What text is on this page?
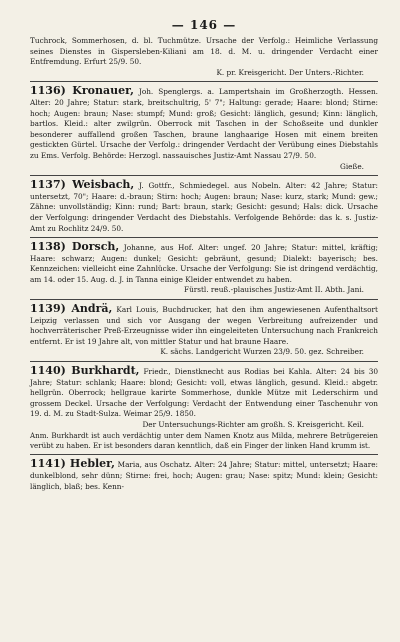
— 146 —

Tuchrock, Sommerhosen, d. bl. Tuchmütze. Ursache der Verfolg.: Heimliche Verlassung seines Dienstes in Gispersleben-Kiliani am 18. d. M. u. dringender Verdacht einer Entfremdung. Erfurt 25/9. 50.

K. pr. Kreisgericht. Der Unters.-Richter.

1136) Kronauer, Joh. Spenglergs. a. Lampertshain im Großherzogth. Hessen. Alter: 20 Jahre; Statur: stark, breitschultrig, 5' 7"; Haltung: gerade; Haare: blond; Stirne: hoch; Augen: braun; Nase: stumpf; Mund: groß; Gesicht: länglich, gesund; Kinn: länglich, bartlos. Kleid.: alter zwilgrün. Oberrock mit Taschen in der Schoßseite und dunkler besonderer auffallend großen Taschen, braune langhaarige Hosen mit einem breiten gestickten Gürtel. Ursache der Verfolg.: dringender Verdacht der Verübung eines Diebstahls zu Ems. Verfolg. Behörde: Herzogl. nassauisches Justiz-Amt Nassau 27/9. 50.

Gieße.

1137) Weisbach, J. Gottfr., Schmiedegel. aus Nobeln. Alter: 42 Jahre; Statur: untersetzt, 70"; Haare: d.-braun; Stirn: hoch; Augen: braun; Nase: kurz, stark; Mund: gew.; Zähne: unvollständig; Kinn: rund; Bart: braun, stark; Gesicht: gesund; Hals: dick. Ursache der Verfolgung: dringender Verdacht des Diebstahls. Verfolgende Behörde: das k. s. Justiz-Amt zu Rochlitz 24/9. 50.

1138) Dorsch, Johanne, aus Hof. Alter: ungef. 20 Jahre; Statur: mittel, kräftig; Haare: schwarz; Augen: dunkel; Gesicht: gebräunt, gesund; Dialekt: bayerisch; bes. Kennzeichen: vielleicht eine Zahnlücke. Ursache der Verfolgung: Sie ist dringend verdächtig, am 14. oder 15. Aug. d. J. in Tanna einige Kleider entwendet zu haben.

Fürstl. reuß.-plauisches Justiz-Amt II. Abth. Jani.

1139) Andrä, Karl Louis, Buchdrucker, hat den ihm angewiesenen Aufenthaltsort Leipzig verlassen und sich vor Ausgang der wegen Verbreitung aufreizender und hochverräterischer Preß-Erzeugnisse wider ihn eingeleiteten Untersuchung nach Frankreich entfernt. Er ist 19 Jahre alt, von mittler Statur und hat braune Haare.

K. sächs. Landgericht Wurzen 23/9. 50. gez. Schreiber.

1140) Burkhardt, Friedr., Dienstknecht aus Rodias bei Kahla. Alter: 24 bis 30 Jahre; Statur: schlank; Haare: blond; Gesicht: voll, etwas länglich, gesund. Kleid.: abgetr. hellgrün. Oberrock; hellgraue karirte Sommerhose, dunkle Mütze mit Lederschirm und grossem Deckel. Ursache der Verfolgung: Verdacht der Entwendung einer Taschenuhr von 19. d. M. zu Stadt-Sulza. Weimar 25/9. 1850.

Der Untersuchungs-Richter am großh. S. Kreisgericht. Keil.

Anm. Burkhardt ist auch verdächtig unter dem Namen Knotz aus Milda, mehrere Betrügereien verübt zu haben. Er ist besonders daran kenntlich, daß ein Finger der linken Hand krumm ist.

1141) Hebler, Maria, aus Oschatz. Alter: 24 Jahre; Statur: mittel, untersetzt; Haare: dunkelblond, sehr dünn; Stirne: frei, hoch; Augen: grau; Nase: spitz; Mund: klein; Gesicht: länglich, blaß; bes. Kenn-
